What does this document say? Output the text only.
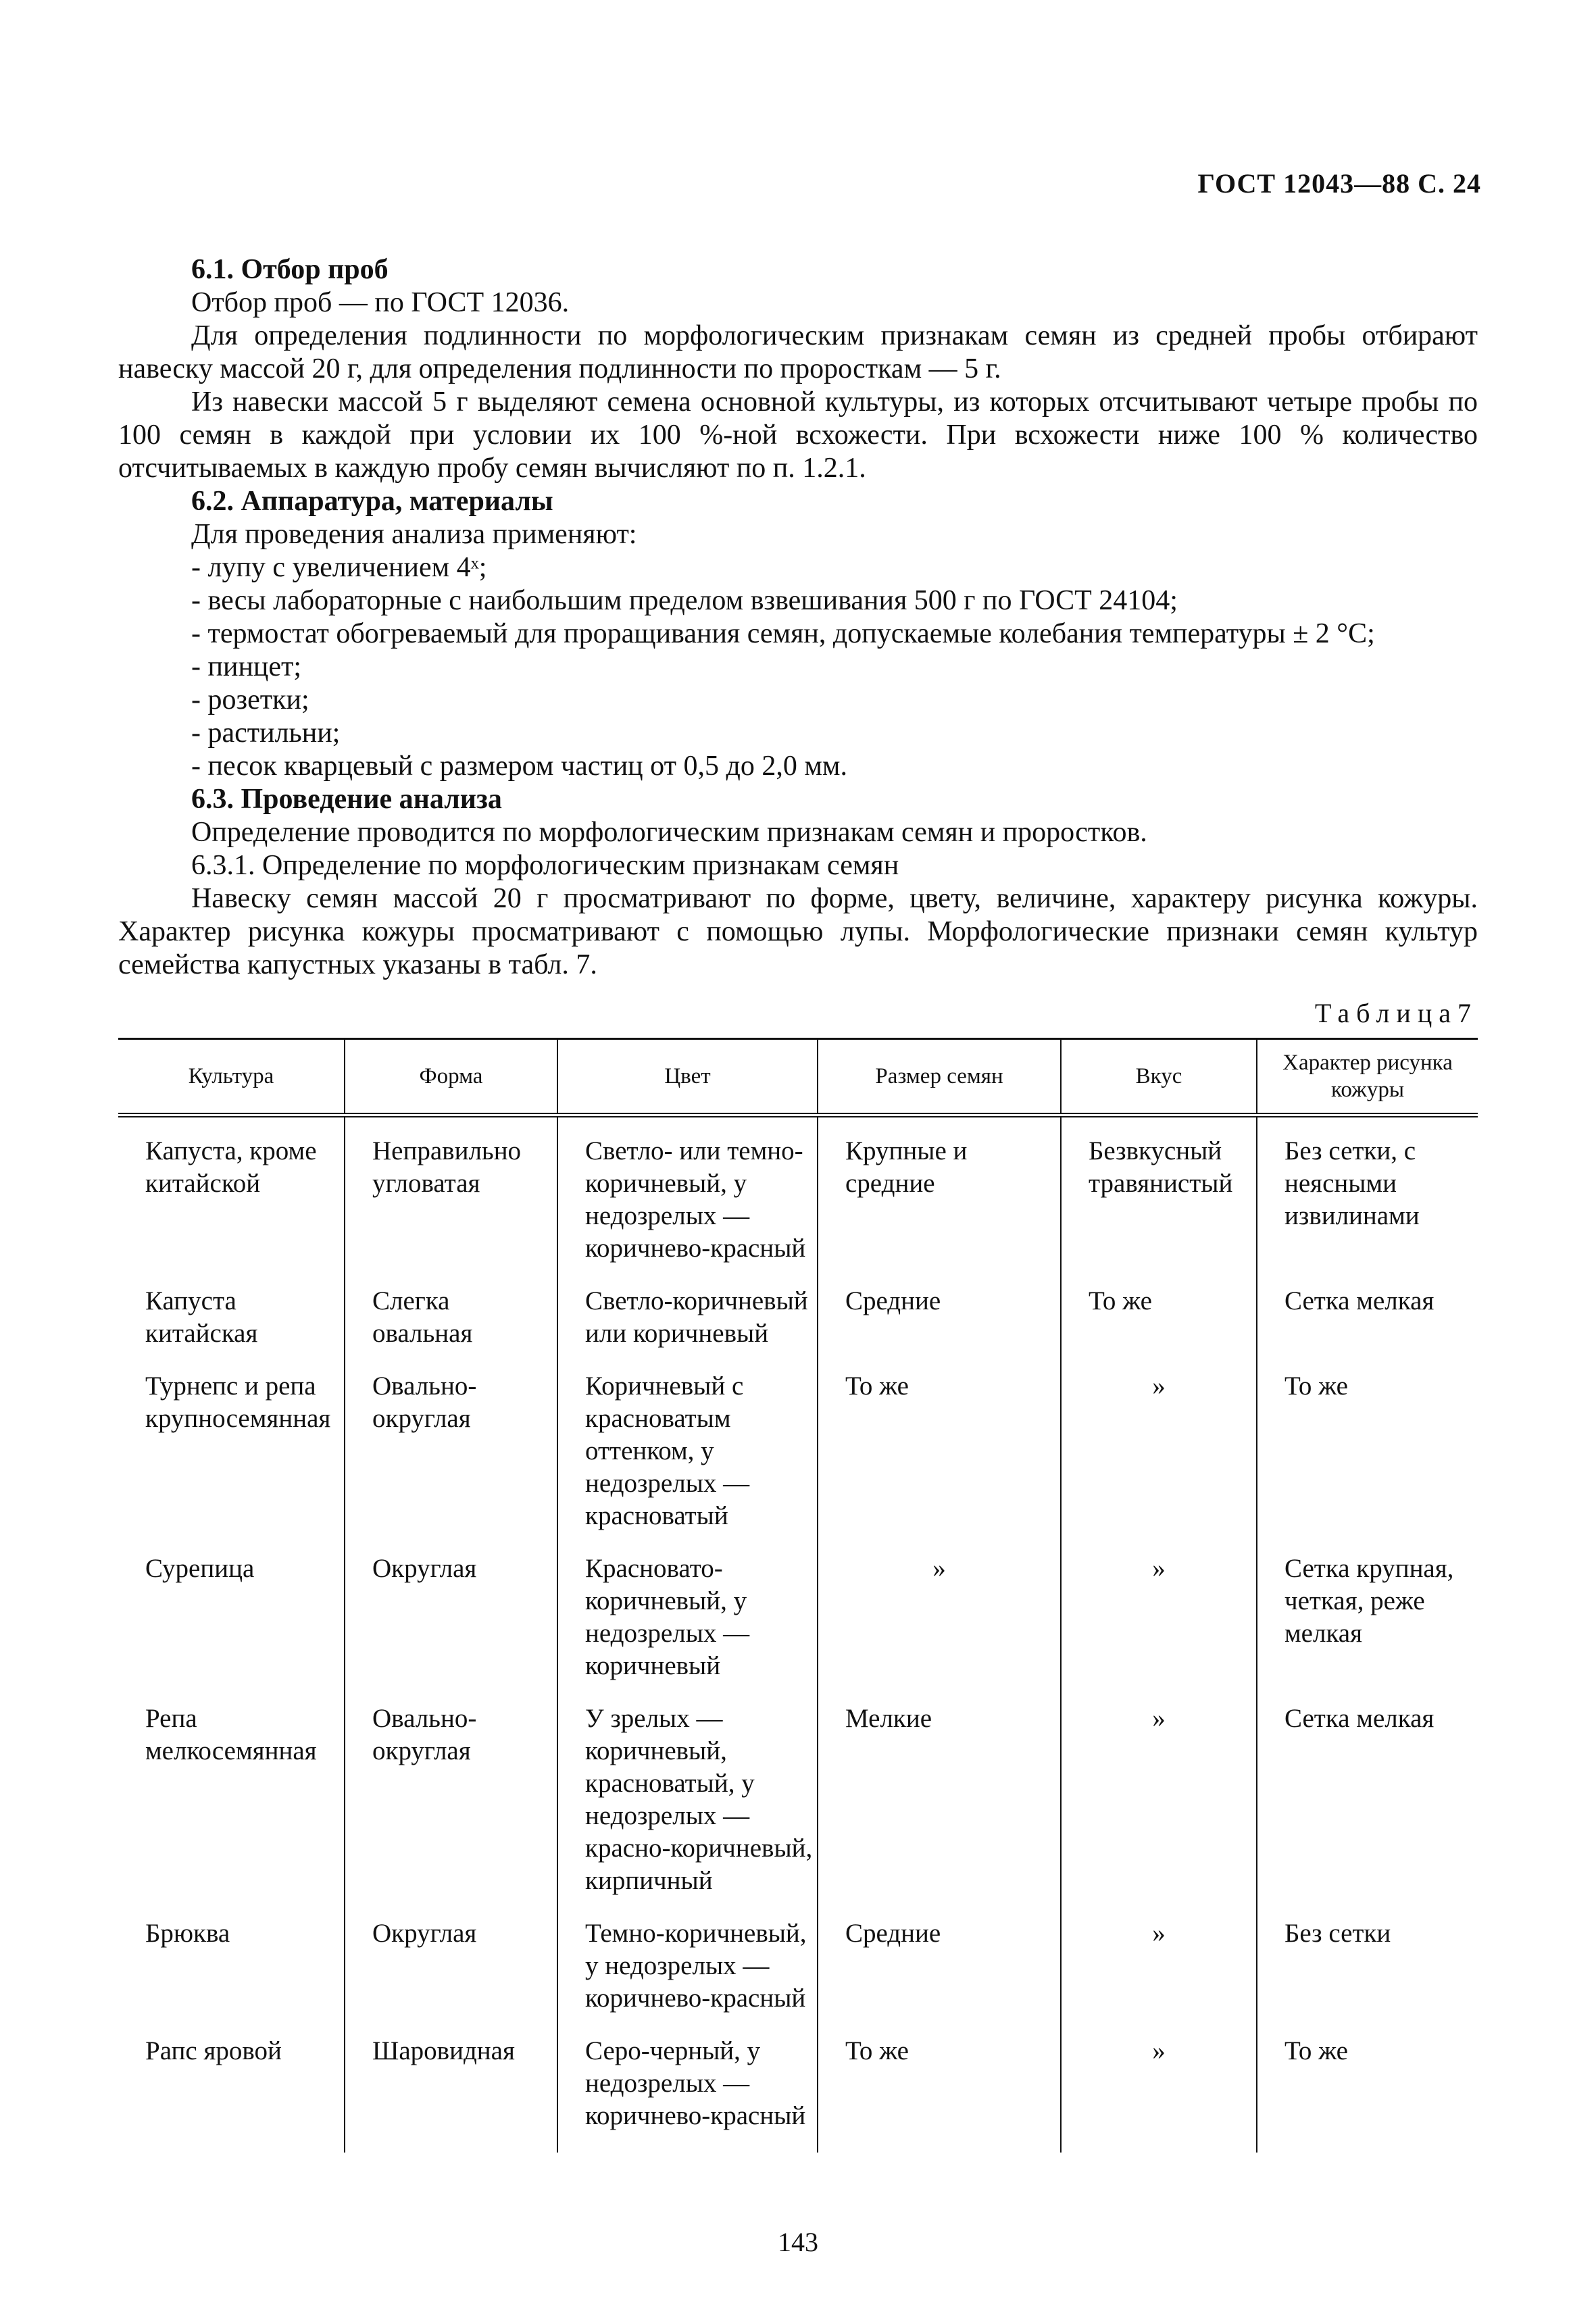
ГОСТ 12043—88 С. 24

6.1. Отбор проб

Отбор проб — по ГОСТ 12036.

Для определения подлинности по морфологическим признакам семян из средней пробы отбирают навеску массой 20 г, для определения подлинности по проросткам — 5 г.

Из навески массой 5 г выделяют семена основной культуры, из которых отсчитывают четыре пробы по 100 семян в каждой при условии их 100 %-ной всхожести. При всхожести ниже 100 % количество отсчитываемых в каждую пробу семян вычисляют по п. 1.2.1.

6.2. Аппаратура, материалы

Для проведения анализа применяют:

- лупу с увеличением 4ˣ;

- весы лабораторные с наибольшим пределом взвешивания 500 г по ГОСТ 24104;

- термостат обогреваемый для проращивания семян, допускаемые колебания температуры ± 2 °С;

- пинцет;

- розетки;

- растильни;

- песок кварцевый с размером частиц от 0,5 до 2,0 мм.

6.3. Проведение анализа

Определение проводится по морфологическим признакам семян и проростков.

6.3.1. Определение по морфологическим признакам семян

Навеску семян массой 20 г просматривают по форме, цвету, величине, характеру рисунка кожуры. Характер рисунка кожуры просматривают с помощью лупы. Морфологические признаки семян культур семейства капустных указаны в табл. 7.

Таблица7
Культура	Форма	Цвет	Размер семян	Вкус	Характер рисунка кожуры
Капуста, кроме китайской	Неправильно угловатая	Светло- или темно-коричневый, у недозрелых — коричнево-красный	Крупные и средние	Безвкусный травянистый	Без сетки, с неясными извилинами
Капуста китайская	Слегка овальная	Светло-коричневый или коричневый	Средние	То же	Сетка мелкая
Турнепс и репа крупносемянная	Овально-округлая	Коричневый с красноватым оттенком, у недозрелых — красноватый	То же	»	То же
Сурепица	Округлая	Красновато-коричневый, у недозрелых — коричневый	»	»	Сетка крупная, четкая, реже мелкая
Репа мелкосемянная	Овально-округлая	У зрелых — коричневый, красноватый, у недозрелых — красно-коричневый, кирпичный	Мелкие	»	Сетка мелкая
Брюква	Округлая	Темно-коричневый, у недозрелых — коричнево-красный	Средние	»	Без сетки
Рапс яровой	Шаровидная	Серо-черный, у недозрелых — коричнево-красный	То же	»	То же
143
